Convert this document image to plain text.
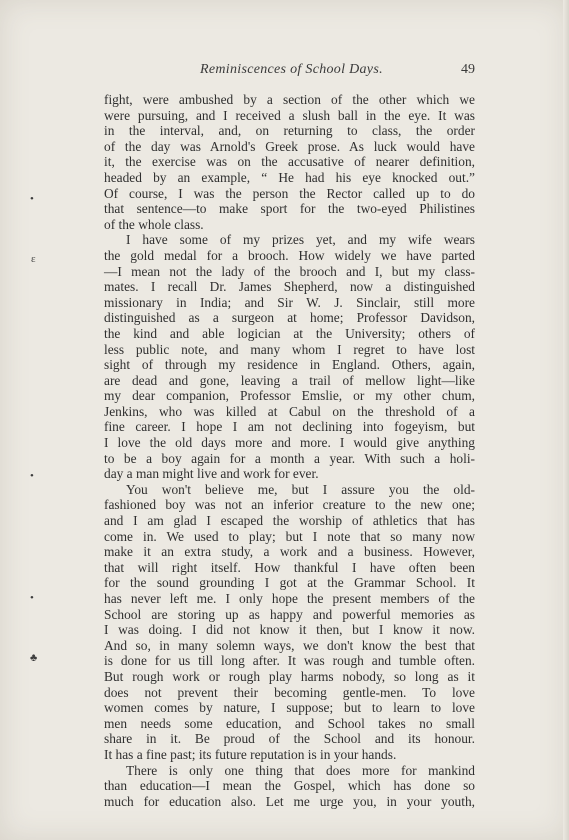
Reminiscences of School Days.	49
•
ɛ
•
•
♣
fight, were ambushed by a section of the other which we
were pursuing, and I received a slush ball in the eye. It was
in the interval, and, on returning to class, the order
of the day was Arnold's Greek prose. As luck would have
it, the exercise was on the accusative of nearer definition,
headed by an example, “ He had his eye knocked out.”
Of course, I was the person the Rector called up to do
that sentence—to make sport for the two-eyed Philistines
of the whole class.
I have some of my prizes yet, and my wife wears
the gold medal for a brooch. How widely we have parted
—I mean not the lady of the brooch and I, but my class-
mates. I recall Dr. James Shepherd, now a distinguished
missionary in India; and Sir W. J. Sinclair, still more
distinguished as a surgeon at home; Professor Davidson,
the kind and able logician at the University; others of
less public note, and many whom I regret to have lost
sight of through my residence in England. Others, again,
are dead and gone, leaving a trail of mellow light—like
my dear companion, Professor Emslie, or my other chum,
Jenkins, who was killed at Cabul on the threshold of a
fine career. I hope I am not declining into fogeyism, but
I love the old days more and more. I would give anything
to be a boy again for a month a year. With such a holi-
day a man might live and work for ever.
You won't believe me, but I assure you the old-
fashioned boy was not an inferior creature to the new one;
and I am glad I escaped the worship of athletics that has
come in. We used to play; but I note that so many now
make it an extra study, a work and a business. However,
that will right itself. How thankful I have often been
for the sound grounding I got at the Grammar School. It
has never left me. I only hope the present members of the
School are storing up as happy and powerful memories as
I was doing. I did not know it then, but I know it now.
And so, in many solemn ways, we don't know the best that
is done for us till long after. It was rough and tumble often.
But rough work or rough play harms nobody, so long as it
does not prevent their becoming gentle-men. To love
women comes by nature, I suppose; but to learn to love
men needs some education, and School takes no small
share in it. Be proud of the School and its honour.
It has a fine past; its future reputation is in your hands.
There is only one thing that does more for mankind
than education—I mean the Gospel, which has done so
much for education also. Let me urge you, in your youth,
